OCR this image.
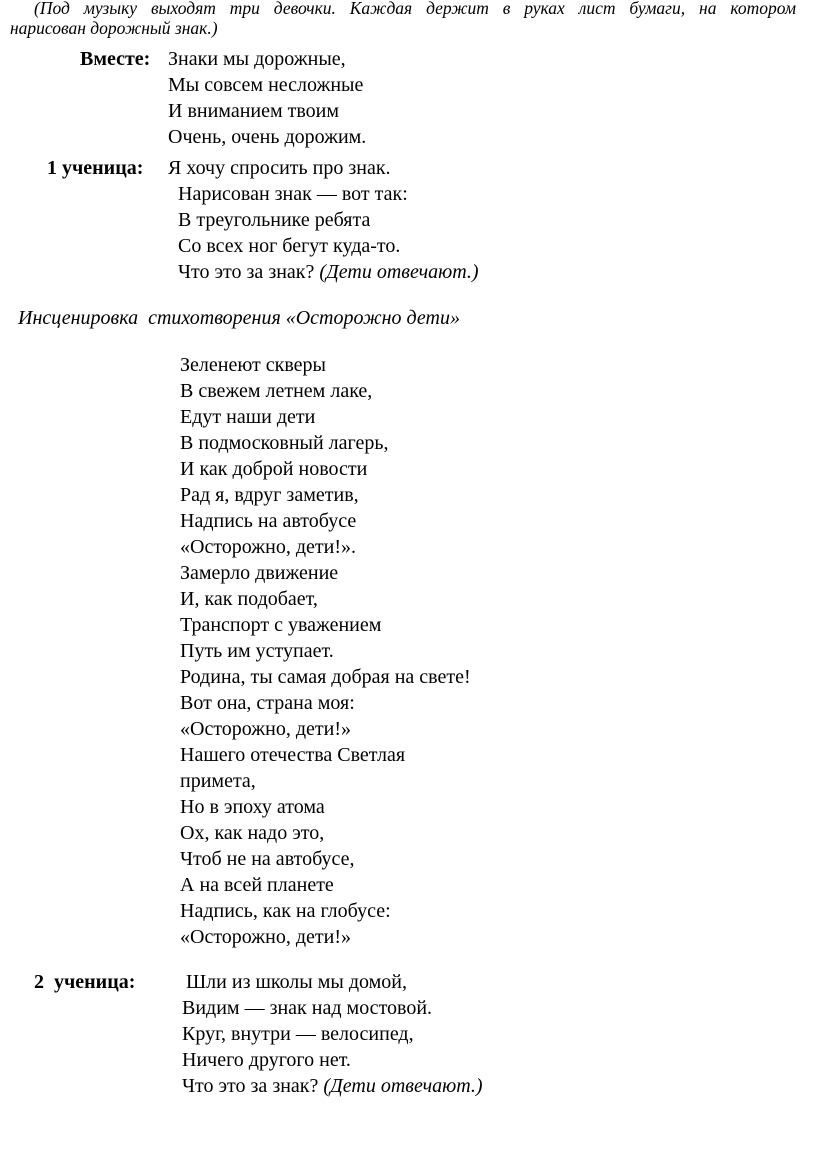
(Под музыку выходят три девочки. Каждая держит в руках лист бумаги, на котором
нарисован дорожный знак.)
Вместе: Знаки мы дорожные,
Мы совсем несложные
И вниманием твоим
Очень, очень дорожим.
1 ученица: Я хочу спросить про знак.
Нарисован знак — вот так:
В треугольнике ребята
Со всех ног бегут куда-то.
Что это за знак? (Дети отвечают.)
Инсценировка  стихотворения «Осторожно дети»
Зеленеют скверы
В свежем летнем лаке,
Едут наши дети
В подмосковный лагерь,
И как доброй новости
Рад я, вдруг заметив,
Надпись на автобусе
«Осторожно, дети!».
Замерло движение
И, как подобает,
Транспорт с уважением
Путь им уступает.
Родина, ты самая добрая на свете!
Вот она, страна моя:
«Осторожно, дети!»
Нашего отечества Светлая
примета,
Но в эпоху атома
Ох, как надо это,
Чтоб не на автобусе,
А на всей планете
Надпись, как на глобусе:
«Осторожно, дети!»
2  ученица:	Шли из школы мы домой,
Видим — знак над мостовой.
Круг, внутри — велосипед,
Ничего другого нет.
Что это за знак? (Дети отвечают.)
